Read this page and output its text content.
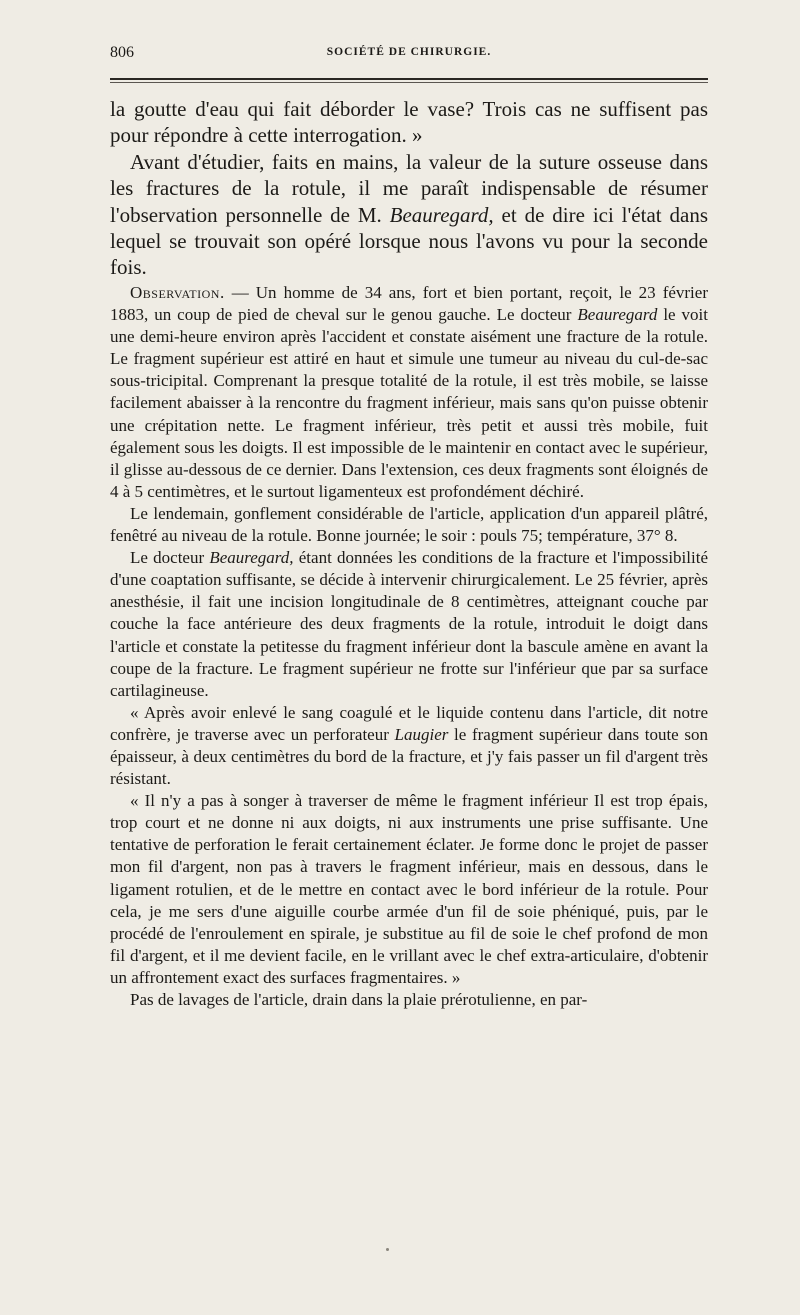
806	SOCIÉTÉ DE CHIRURGIE.

la goutte d'eau qui fait déborder le vase? Trois cas ne suffisent pas pour répondre à cette interrogation. »

Avant d'étudier, faits en mains, la valeur de la suture osseuse dans les fractures de la rotule, il me paraît indispensable de résumer l'observation personnelle de M. Beauregard, et de dire ici l'état dans lequel se trouvait son opéré lorsque nous l'avons vu pour la seconde fois.

Observation. — Un homme de 34 ans, fort et bien portant, reçoit, le 23 février 1883, un coup de pied de cheval sur le genou gauche. Le docteur Beauregard le voit une demi-heure environ après l'accident et constate aisément une fracture de la rotule. Le fragment supérieur est attiré en haut et simule une tumeur au niveau du cul-de-sac sous-tricipital. Comprenant la presque totalité de la rotule, il est très mobile, se laisse facilement abaisser à la rencontre du fragment inférieur, mais sans qu'on puisse obtenir une crépitation nette. Le fragment inférieur, très petit et aussi très mobile, fuit également sous les doigts. Il est impossible de le maintenir en contact avec le supérieur, il glisse au-dessous de ce dernier. Dans l'extension, ces deux fragments sont éloignés de 4 à 5 centimètres, et le surtout ligamenteux est profondément déchiré.

Le lendemain, gonflement considérable de l'article, application d'un appareil plâtré, fenêtré au niveau de la rotule. Bonne journée; le soir : pouls 75; température, 37° 8.

Le docteur Beauregard, étant données les conditions de la fracture et l'impossibilité d'une coaptation suffisante, se décide à intervenir chirurgicalement. Le 25 février, après anesthésie, il fait une incision longitudinale de 8 centimètres, atteignant couche par couche la face antérieure des deux fragments de la rotule, introduit le doigt dans l'article et constate la petitesse du fragment inférieur dont la bascule amène en avant la coupe de la fracture. Le fragment supérieur ne frotte sur l'inférieur que par sa surface cartilagineuse.

« Après avoir enlevé le sang coagulé et le liquide contenu dans l'article, dit notre confrère, je traverse avec un perforateur Laugier le fragment supérieur dans toute son épaisseur, à deux centimètres du bord de la fracture, et j'y fais passer un fil d'argent très résistant.

« Il n'y a pas à songer à traverser de même le fragment inférieur Il est trop épais, trop court et ne donne ni aux doigts, ni aux instruments une prise suffisante. Une tentative de perforation le ferait certainement éclater. Je forme donc le projet de passer mon fil d'argent, non pas à travers le fragment inférieur, mais en dessous, dans le ligament rotulien, et de le mettre en contact avec le bord inférieur de la rotule. Pour cela, je me sers d'une aiguille courbe armée d'un fil de soie phéniqué, puis, par le procédé de l'enroulement en spirale, je substitue au fil de soie le chef profond de mon fil d'argent, et il me devient facile, en le vrillant avec le chef extra-articulaire, d'obtenir un affrontement exact des surfaces fragmentaires. »

Pas de lavages de l'article, drain dans la plaie prérotulienne, en par-
